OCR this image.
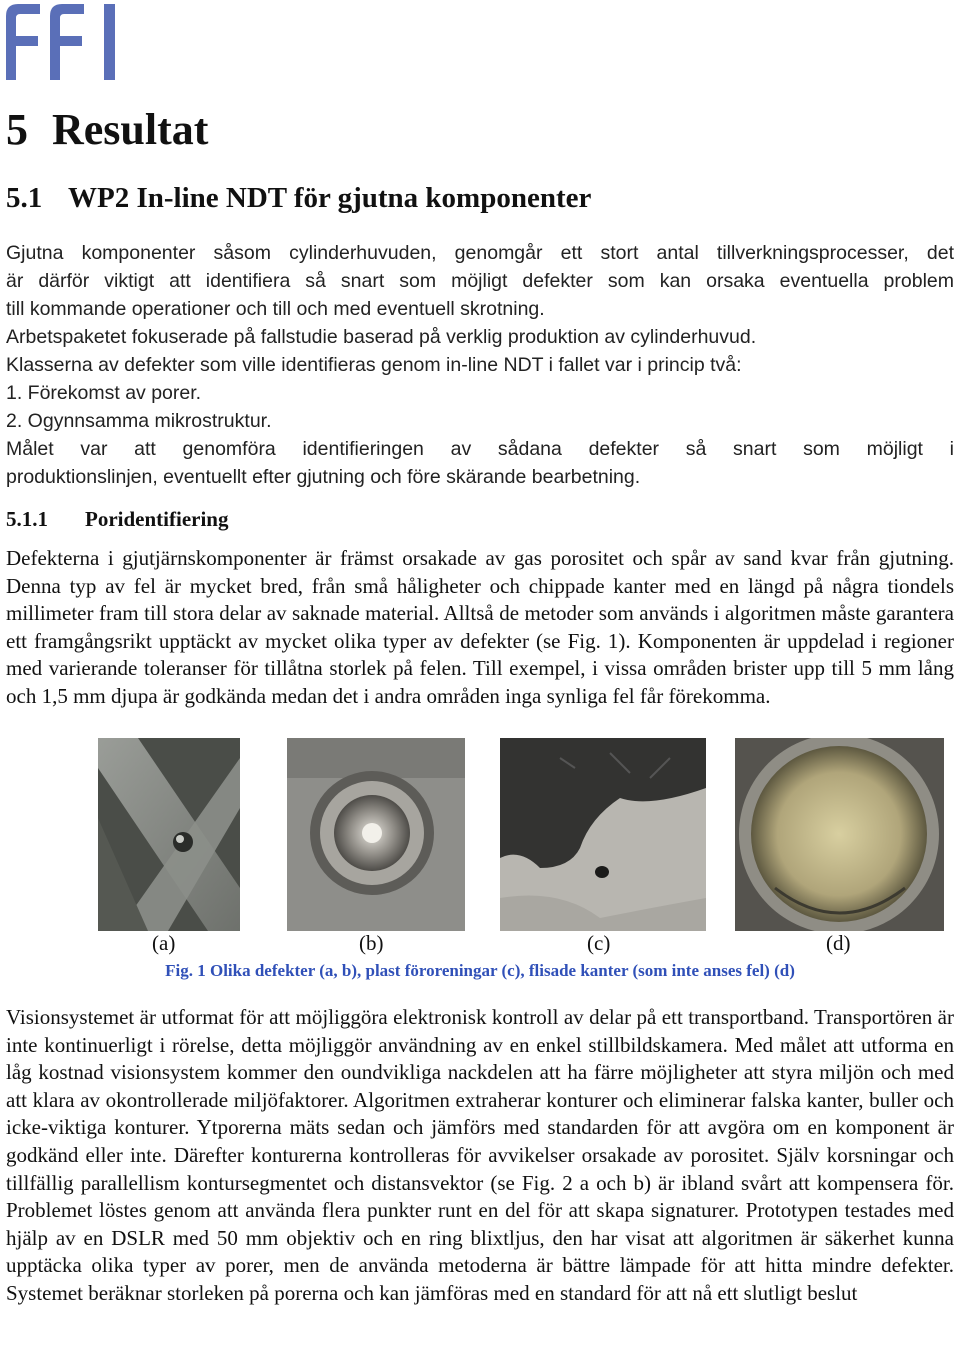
5 Resultat
5.1 WP2 In-line NDT för gjutna komponenter
Gjutna komponenter såsom cylinderhuvuden, genomgår ett stort antal tillverkningsprocesser, det
är därför viktigt att identifiera så snart som möjligt defekter som kan orsaka eventuella problem
till kommande operationer och till och med eventuell skrotning.
Arbetspaketet fokuserade på fallstudie baserad på verklig produktion av cylinderhuvud.
Klasserna av defekter som ville identifieras genom in-line NDT i fallet var i princip två:
1. Förekomst av porer.
2. Ogynnsamma mikrostruktur.
Målet var att genomföra identifieringen av sådana defekter så snart som möjligt i
produktionslinjen, eventuellt efter gjutning och före skärande bearbetning.
5.1.1 Poridentifiering

Defekterna i gjutjärnskomponenter är främst orsakade av gas porositet och spår av sand kvar från gjutning. Denna typ av fel är mycket bred, från små håligheter och chippade kanter med en längd på några tiondels millimeter fram till stora delar av saknade material. Alltså de metoder som används i algoritmen måste garantera ett framgångsrikt upptäckt av mycket olika typer av defekter (se Fig. 1). Komponenten är uppdelad i regioner med varierande toleranser för tillåtna storlek på felen. Till exempel, i vissa områden brister upp till 5 mm lång och 1,5 mm djupa är godkända medan det i andra områden inga synliga fel får förekomma.

(a)	(b)	(c)	(d)
Fig. 1 Olika defekter (a, b), plast föroreningar (c), flisade kanter (som inte anses fel) (d)

Visionsystemet är utformat för att möjliggöra elektronisk kontroll av delar på ett transportband. Transportören är inte kontinuerligt i rörelse, detta möjliggör användning av en enkel stillbildskamera. Med målet att utforma en låg kostnad visionsystem kommer den oundvikliga nackdelen att ha färre möjligheter att styra miljön och med att klara av okontrollerade miljöfaktorer. Algoritmen extraherar konturer och eliminerar falska kanter, buller och icke-viktiga konturer. Ytporerna mäts sedan och jämförs med standarden för att avgöra om en komponent är godkänd eller inte. Därefter konturerna kontrolleras för avvikelser orsakade av porositet. Själv korsningar och tillfällig parallellism kontursegmentet och distansvektor (se Fig. 2 a och b) är ibland svårt att kompensera för. Problemet löstes genom att använda flera punkter runt en del för att skapa signaturer. Prototypen testades med hjälp av en DSLR med 50 mm objektiv och en ring blixtljus, den har visat att algoritmen är säkerhet kunna upptäcka olika typer av porer, men de använda metoderna är bättre lämpade för att hitta mindre defekter. Systemet beräknar storleken på porerna och kan jämföras med en standard för att nå ett slutligt beslut
